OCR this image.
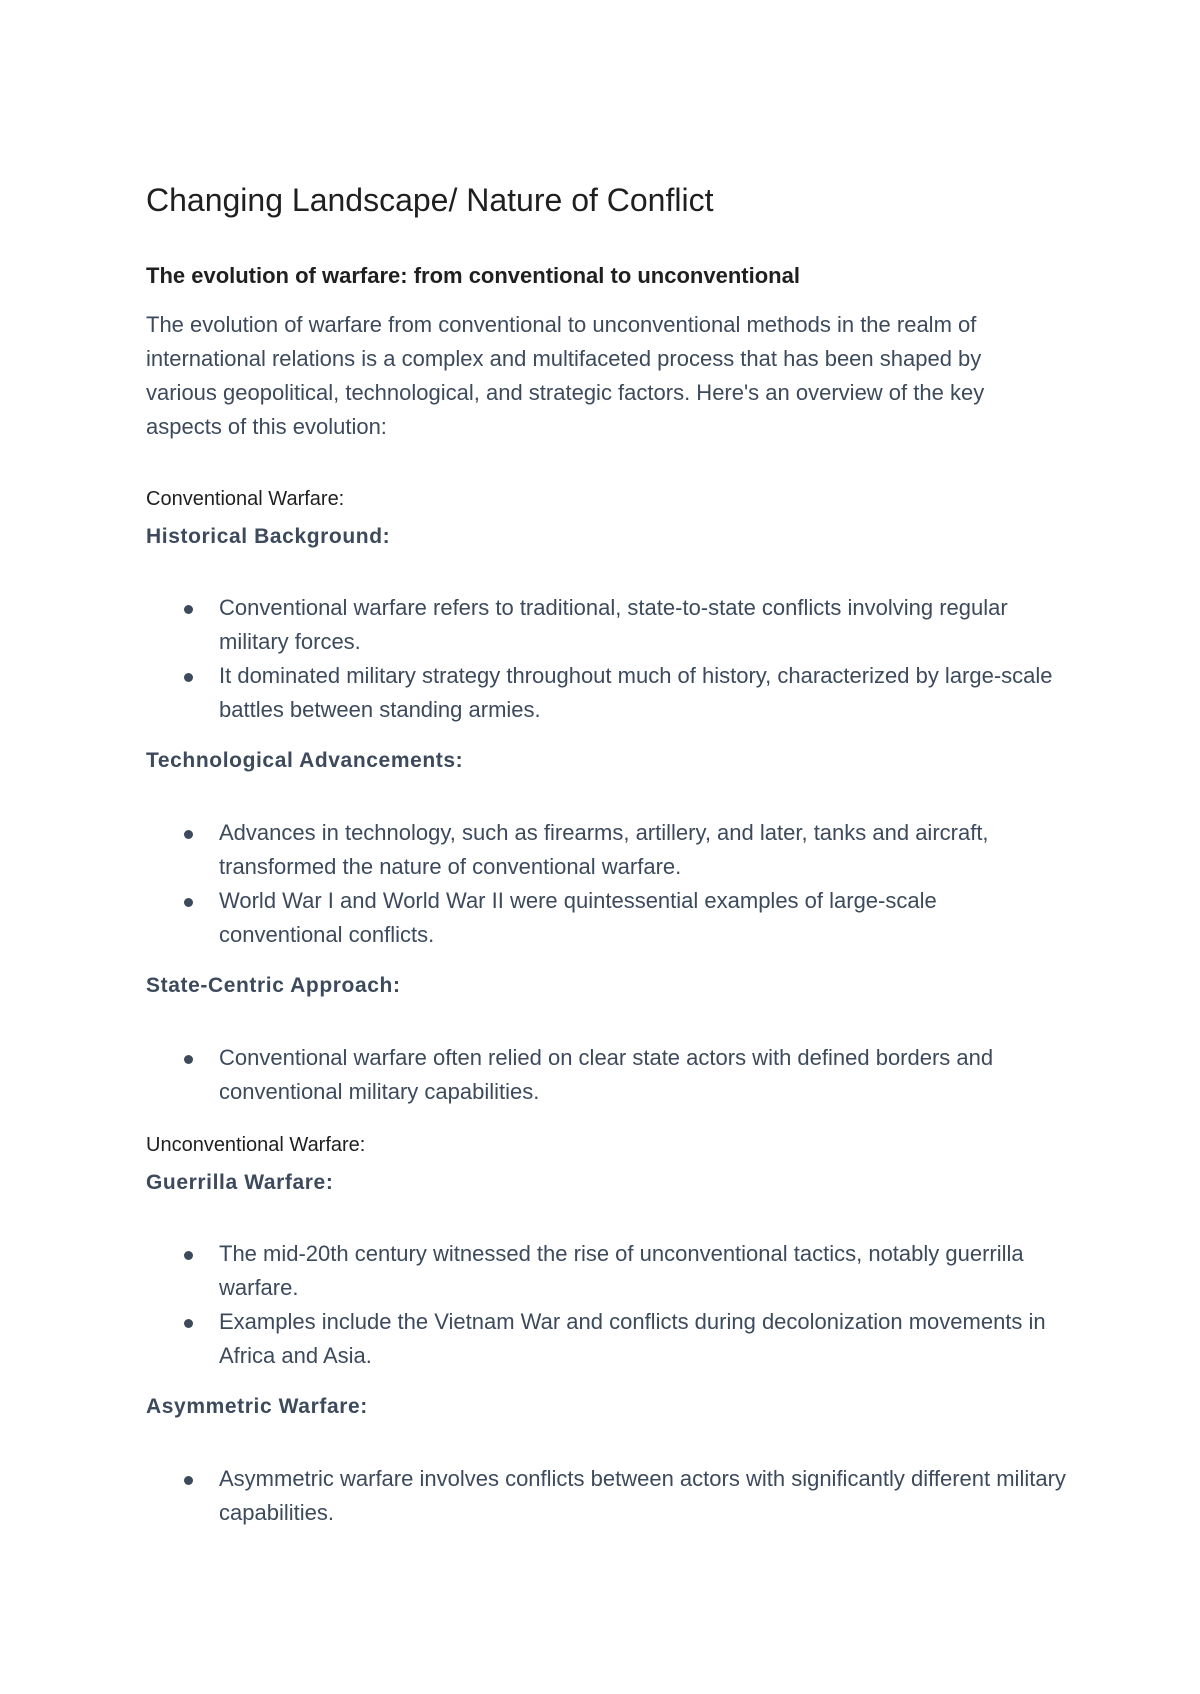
Changing Landscape/ Nature of Conflict
The evolution of warfare: from conventional to unconventional

The evolution of warfare from conventional to unconventional methods in the realm of international relations is a complex and multifaceted process that has been shaped by various geopolitical, technological, and strategic factors. Here's an overview of the key aspects of this evolution:

Conventional Warfare:

Historical Background:
Conventional warfare refers to traditional, state-to-state conflicts involving regular military forces.
It dominated military strategy throughout much of history, characterized by large-scale battles between standing armies.
Technological Advancements:
Advances in technology, such as firearms, artillery, and later, tanks and aircraft, transformed the nature of conventional warfare.
World War I and World War II were quintessential examples of large-scale conventional conflicts.
State-Centric Approach:
Conventional warfare often relied on clear state actors with defined borders and conventional military capabilities.

Unconventional Warfare:

Guerrilla Warfare:
The mid-20th century witnessed the rise of unconventional tactics, notably guerrilla warfare.
Examples include the Vietnam War and conflicts during decolonization movements in Africa and Asia.
Asymmetric Warfare:
Asymmetric warfare involves conflicts between actors with significantly different military capabilities.
